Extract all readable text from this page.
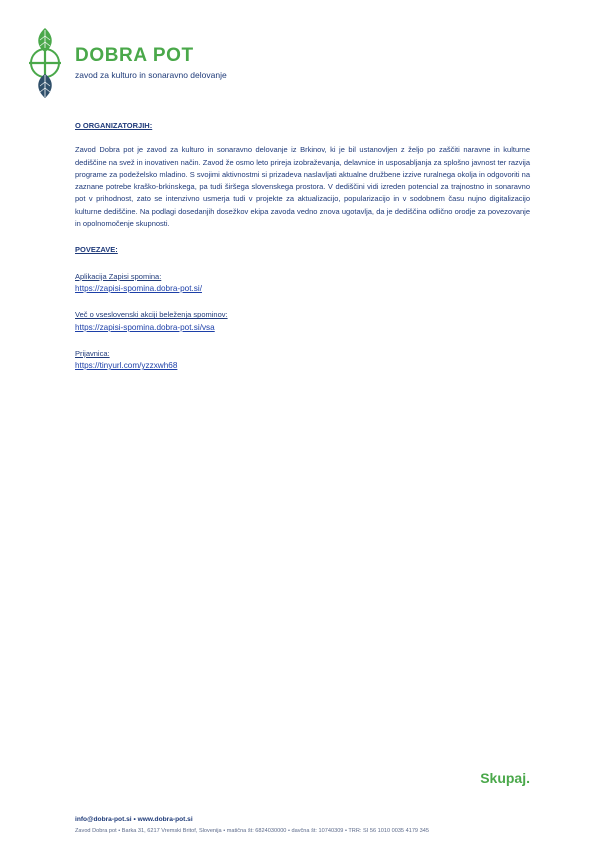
DOBRA POT
zavod za kulturo in sonaravno delovanje
O ORGANIZATORJIH:
Zavod Dobra pot je zavod za kulturo in sonaravno delovanje iz Brkinov, ki je bil ustanovljen z željo po zaščiti naravne in kulturne dediščine na svež in inovativen način. Zavod že osmo leto prireja izobraževanja, delavnice in usposabljanja za splošno javnost ter razvija programe za podeželsko mladino. S svojimi aktivnostmi si prizadeva naslavljati aktualne družbene izzive ruralnega okolja in odgovoriti na zaznane potrebe kraško-brkinskega, pa tudi širšega slovenskega prostora. V dediščini vidi izreden potencial za trajnostno in sonaravno pot v prihodnost, zato se intenzivno usmerja tudi v projekte za aktualizacijo, popularizacijo in v sodobnem času nujno digitalizacijo kulturne dediščine. Na podlagi dosedanjih dosežkov ekipa zavoda vedno znova ugotavlja, da je dediščina odlično orodje za povezovanje in opolnomočenje skupnosti.
POVEZAVE:
Aplikacija Zapisi spomina:
https://zapisi-spomina.dobra-pot.si/
Več o vseslovenski akciji beleženja spominov:
https://zapisi-spomina.dobra-pot.si/vsa
Prijavnica:
https://tinyurl.com/yzzxwh68
Skupaj.
info@dobra-pot.si • www.dobra-pot.si
Zavod Dobra pot • Barka 31, 6217 Vremski Britof, Slovenija • matična št: 6824030000 • davčna št: 10740309 • TRR: SI 56 1010 0035 4179 345
